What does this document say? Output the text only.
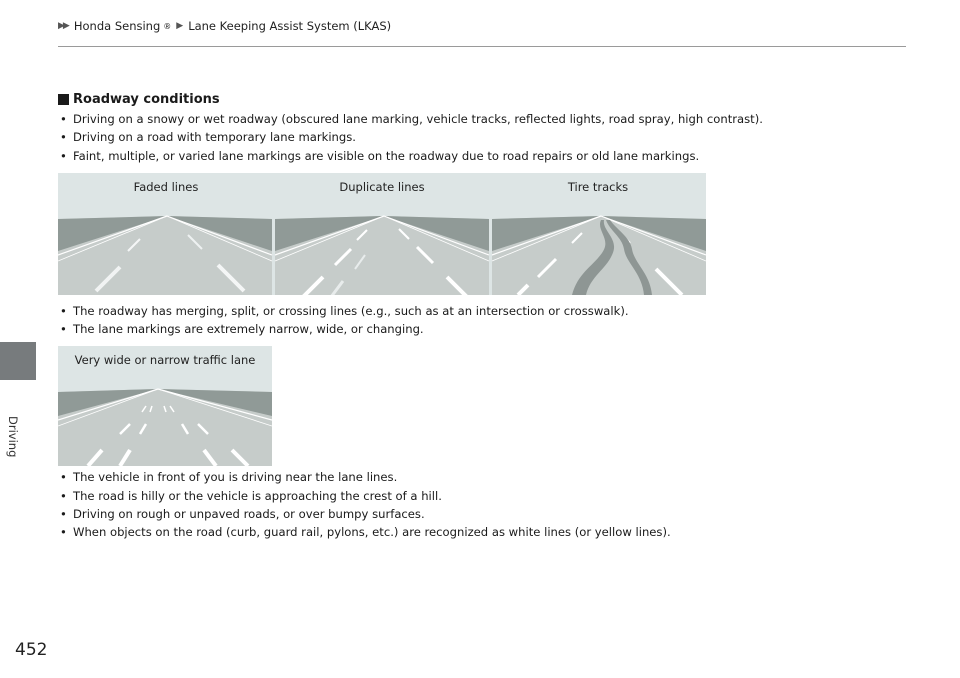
▶▶ Honda Sensing ® ▶ Lane Keeping Assist System (LKAS)
Driving
452
Roadway conditions
• Driving on a snowy or wet roadway (obscured lane marking, vehicle tracks, reflected lights, road spray, high contrast).
• Driving on a road with temporary lane markings.
• Faint, multiple, or varied lane markings are visible on the roadway due to road repairs or old lane markings.
Faded lines	Duplicate lines	Tire tracks
• The roadway has merging, split, or crossing lines (e.g., such as at an intersection or crosswalk).
• The lane markings are extremely narrow, wide, or changing.
Very wide or narrow traffic lane
• The vehicle in front of you is driving near the lane lines.
• The road is hilly or the vehicle is approaching the crest of a hill.
• Driving on rough or unpaved roads, or over bumpy surfaces.
• When objects on the road (curb, guard rail, pylons, etc.) are recognized as white lines (or yellow lines).
